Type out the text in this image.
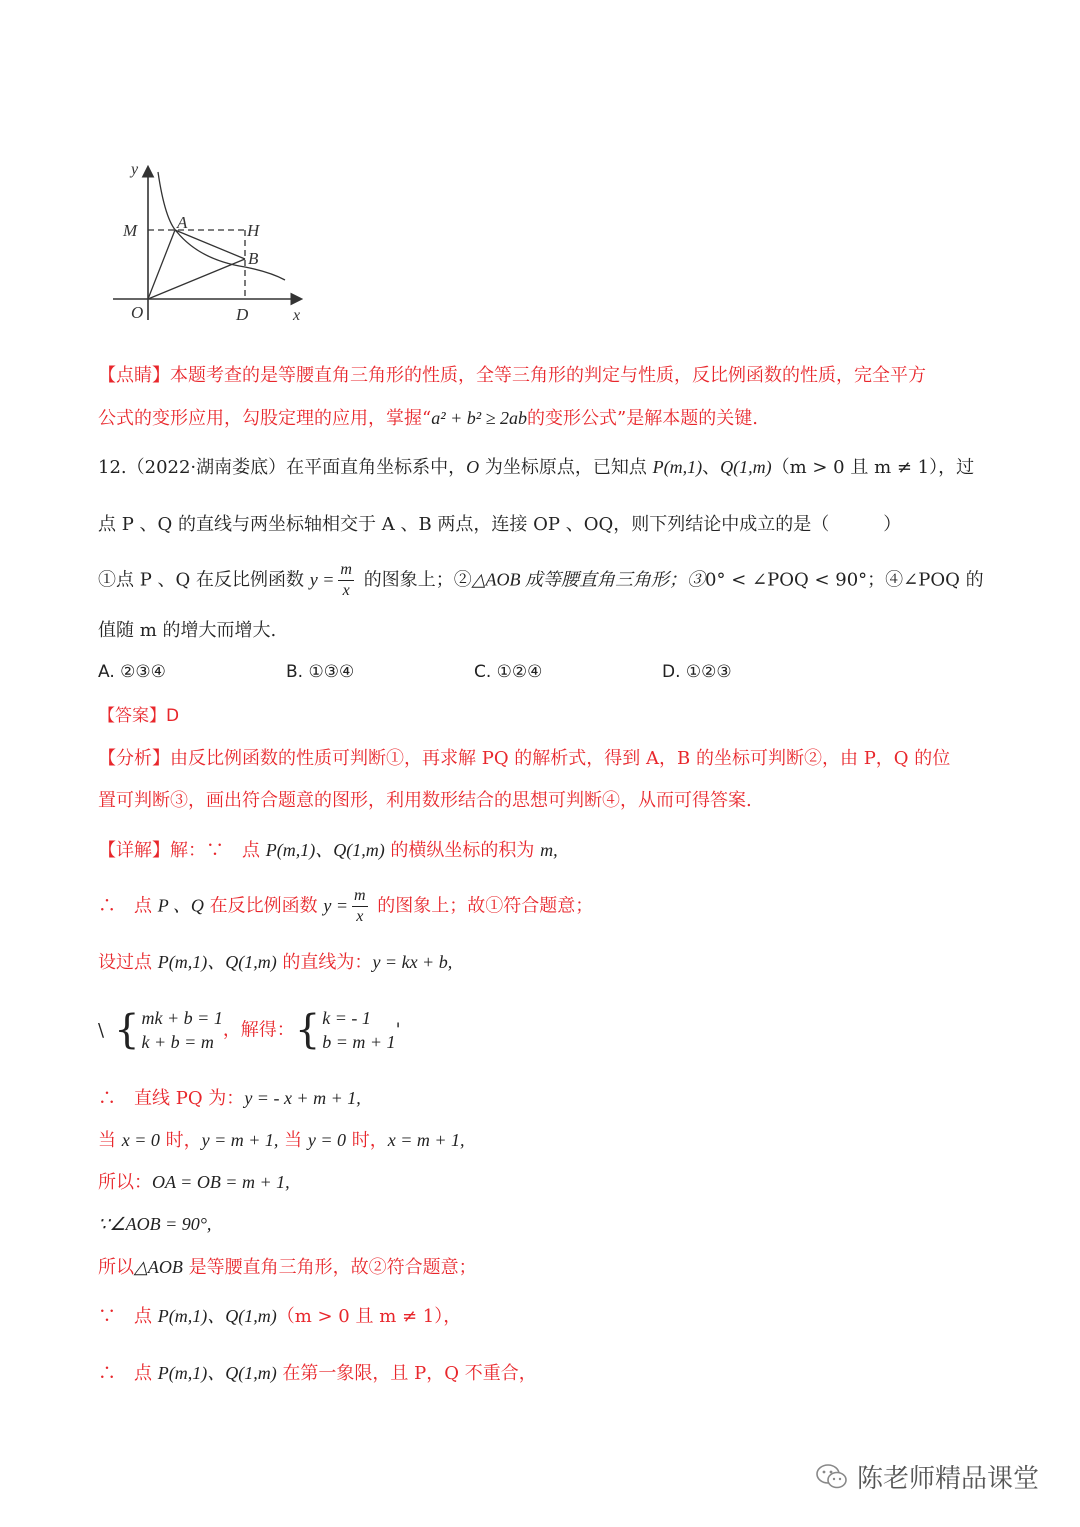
y
M A	H
B
O	D	x
【点睛】本题考查的是等腰直角三角形的性质，全等三角形的判定与性质，反比例函数的性质，完全平方
公式的变形应用，勾股定理的应用，掌握“a² + b² ≥ 2ab的变形公式”是解本题的关键.
12.（2022·湖南娄底）在平面直角坐标系中，O 为坐标原点，已知点 P(m,1)、Q(1,m)（m > 0 且 m ≠ 1），过
点 P 、Q 的直线与两坐标轴相交于 A 、B 两点，连接 OP 、OQ，则下列结论中成立的是（　　　）
①点 P 、Q 在反比例函数 $y = \frac{m}{x}$ 的图象上；②△AOB 成等腰直角三角形；③0° < ∠POQ < 90°；④∠POQ 的
值随 m 的增大而增大.
A. ②③④	B. ①③④	C. ①②④	D. ①②③
【答案】D
【分析】由反比例函数的性质可判断①，再求解 PQ 的解析式，得到 A，B 的坐标可判断②，由 P，Q 的位
置可判断③，画出符合题意的图形，利用数形结合的思想可判断④，从而可得答案.
【详解】解：∵　点 P(m,1)、Q(1,m) 的横纵坐标的积为 m,
∴　点 P 、Q 在反比例函数 $y = \frac{m}{x}$ 的图象上；故①符合题意；
设过点 P(m,1)、Q(1,m) 的直线为：y = kx + b,
\ { mk + b = 1
k + b = m，解得：{ k = - 1
b = m + 1'
∴　直线 PQ 为：y = - x + m + 1,
当 x = 0 时，y = m + 1, 当 y = 0 时，x = m + 1,
所以：OA = OB = m + 1,
∵∠AOB = 90°,
所以△AOB 是等腰直角三角形，故②符合题意；
∵　点 P(m,1)、Q(1,m)（m > 0 且 m ≠ 1），
∴　点 P(m,1)、Q(1,m) 在第一象限，且 P，Q 不重合，
陈老师精品课堂
